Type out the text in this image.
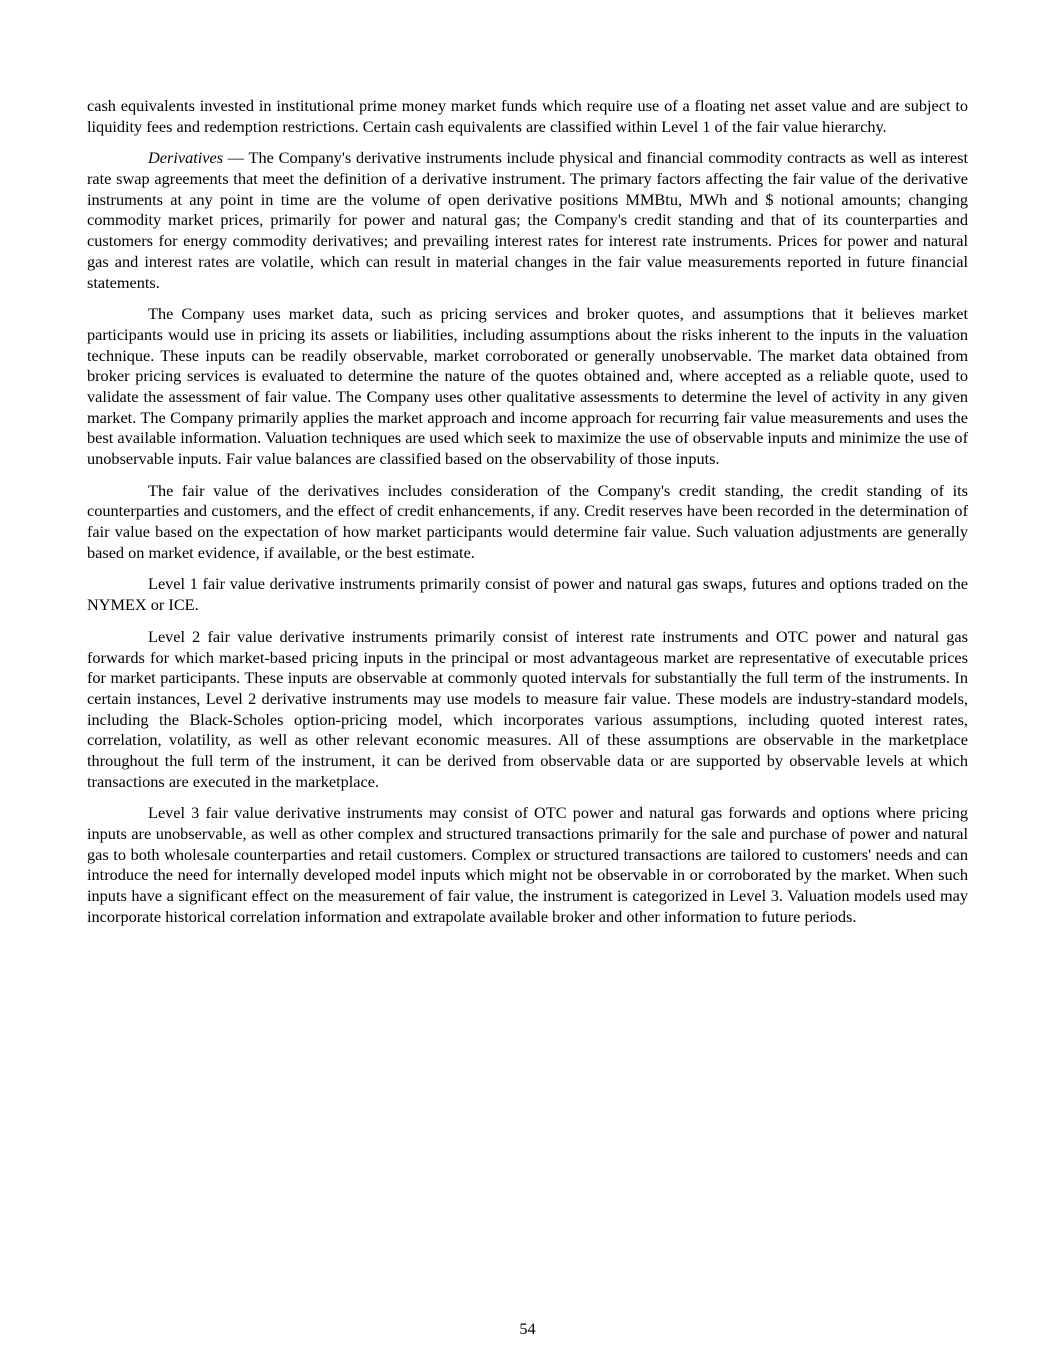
cash equivalents invested in institutional prime money market funds which require use of a floating net asset value and are subject to liquidity fees and redemption restrictions. Certain cash equivalents are classified within Level 1 of the fair value hierarchy.

Derivatives — The Company's derivative instruments include physical and financial commodity contracts as well as interest rate swap agreements that meet the definition of a derivative instrument. The primary factors affecting the fair value of the derivative instruments at any point in time are the volume of open derivative positions MMBtu, MWh and $ notional amounts; changing commodity market prices, primarily for power and natural gas; the Company's credit standing and that of its counterparties and customers for energy commodity derivatives; and prevailing interest rates for interest rate instruments. Prices for power and natural gas and interest rates are volatile, which can result in material changes in the fair value measurements reported in future financial statements.

The Company uses market data, such as pricing services and broker quotes, and assumptions that it believes market participants would use in pricing its assets or liabilities, including assumptions about the risks inherent to the inputs in the valuation technique. These inputs can be readily observable, market corroborated or generally unobservable. The market data obtained from broker pricing services is evaluated to determine the nature of the quotes obtained and, where accepted as a reliable quote, used to validate the assessment of fair value. The Company uses other qualitative assessments to determine the level of activity in any given market. The Company primarily applies the market approach and income approach for recurring fair value measurements and uses the best available information. Valuation techniques are used which seek to maximize the use of observable inputs and minimize the use of unobservable inputs. Fair value balances are classified based on the observability of those inputs.

The fair value of the derivatives includes consideration of the Company's credit standing, the credit standing of its counterparties and customers, and the effect of credit enhancements, if any. Credit reserves have been recorded in the determination of fair value based on the expectation of how market participants would determine fair value. Such valuation adjustments are generally based on market evidence, if available, or the best estimate.

Level 1 fair value derivative instruments primarily consist of power and natural gas swaps, futures and options traded on the NYMEX or ICE.

Level 2 fair value derivative instruments primarily consist of interest rate instruments and OTC power and natural gas forwards for which market-based pricing inputs in the principal or most advantageous market are representative of executable prices for market participants. These inputs are observable at commonly quoted intervals for substantially the full term of the instruments. In certain instances, Level 2 derivative instruments may use models to measure fair value. These models are industry-standard models, including the Black-Scholes option-pricing model, which incorporates various assumptions, including quoted interest rates, correlation, volatility, as well as other relevant economic measures. All of these assumptions are observable in the marketplace throughout the full term of the instrument, it can be derived from observable data or are supported by observable levels at which transactions are executed in the marketplace.

Level 3 fair value derivative instruments may consist of OTC power and natural gas forwards and options where pricing inputs are unobservable, as well as other complex and structured transactions primarily for the sale and purchase of power and natural gas to both wholesale counterparties and retail customers. Complex or structured transactions are tailored to customers' needs and can introduce the need for internally developed model inputs which might not be observable in or corroborated by the market. When such inputs have a significant effect on the measurement of fair value, the instrument is categorized in Level 3. Valuation models used may incorporate historical correlation information and extrapolate available broker and other information to future periods.

54
